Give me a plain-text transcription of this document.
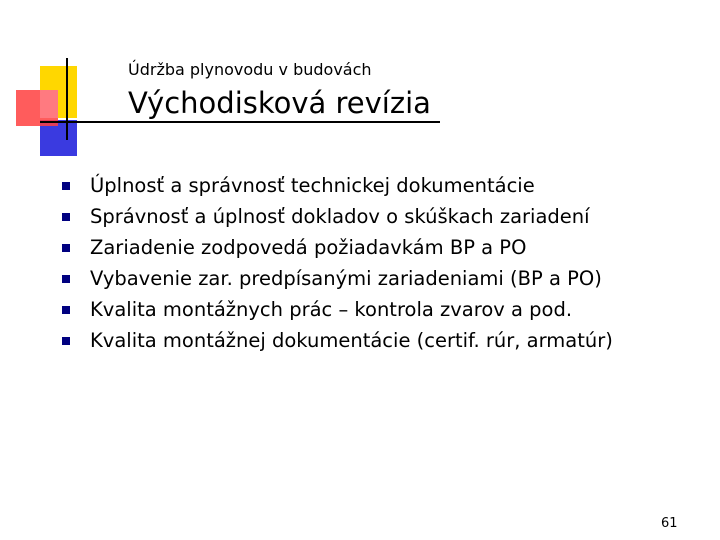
Údržba plynovodu v budovách
Východisková revízia
Úplnosť a správnosť technickej dokumentácie
Správnosť a úplnosť dokladov o skúškach zariadení
Zariadenie zodpovedá požiadavkám BP a PO
Vybavenie zar. predpísanými zariadeniami (BP a PO)
Kvalita montážnych prác – kontrola zvarov a pod.
Kvalita montážnej dokumentácie (certif. rúr, armatúr)
61
